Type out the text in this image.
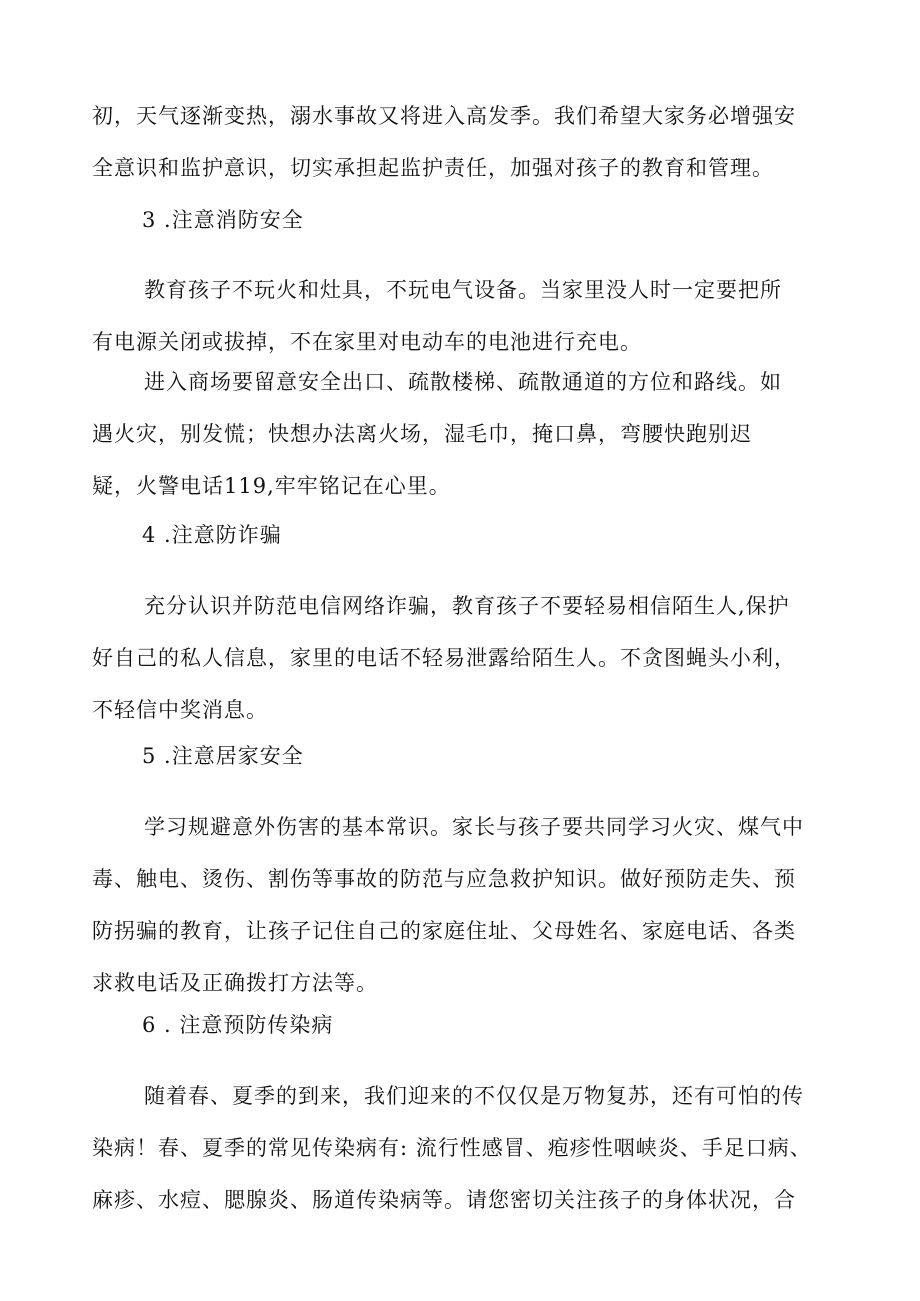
初，天气逐渐变热，溺水事故又将进入高发季。我们希望大家务必增强安
全意识和监护意识，切实承担起监护责任，加强对孩子的教育和管理。

3 .注意消防安全

教育孩子不玩火和灶具，不玩电气设备。当家里没人时一定要把所
有电源关闭或拔掉，不在家里对电动车的电池进行充电。

进入商场要留意安全出口、疏散楼梯、疏散通道的方位和路线。如
遇火灾，别发慌；快想办法离火场，湿毛巾，掩口鼻，弯腰快跑别迟
疑，火警电话119,牢牢铭记在心里。

4 .注意防诈骗

充分认识并防范电信网络诈骗，教育孩子不要轻易相信陌生人,保护
好自己的私人信息，家里的电话不轻易泄露给陌生人。不贪图蝇头小利，
不轻信中奖消息。

5 .注意居家安全

学习规避意外伤害的基本常识。家长与孩子要共同学习火灾、煤气中
毒、触电、烫伤、割伤等事故的防范与应急救护知识。做好预防走失、预
防拐骗的教育，让孩子记住自己的家庭住址、父母姓名、家庭电话、各类
求救电话及正确拨打方法等。

6 . 注意预防传染病

随着春、夏季的到来，我们迎来的不仅仅是万物复苏，还有可怕的传
染病！春、夏季的常见传染病有: 流行性感冒、疱疹性咽峡炎、手足口病、
麻疹、水痘、腮腺炎、肠道传染病等。请您密切关注孩子的身体状况，合
